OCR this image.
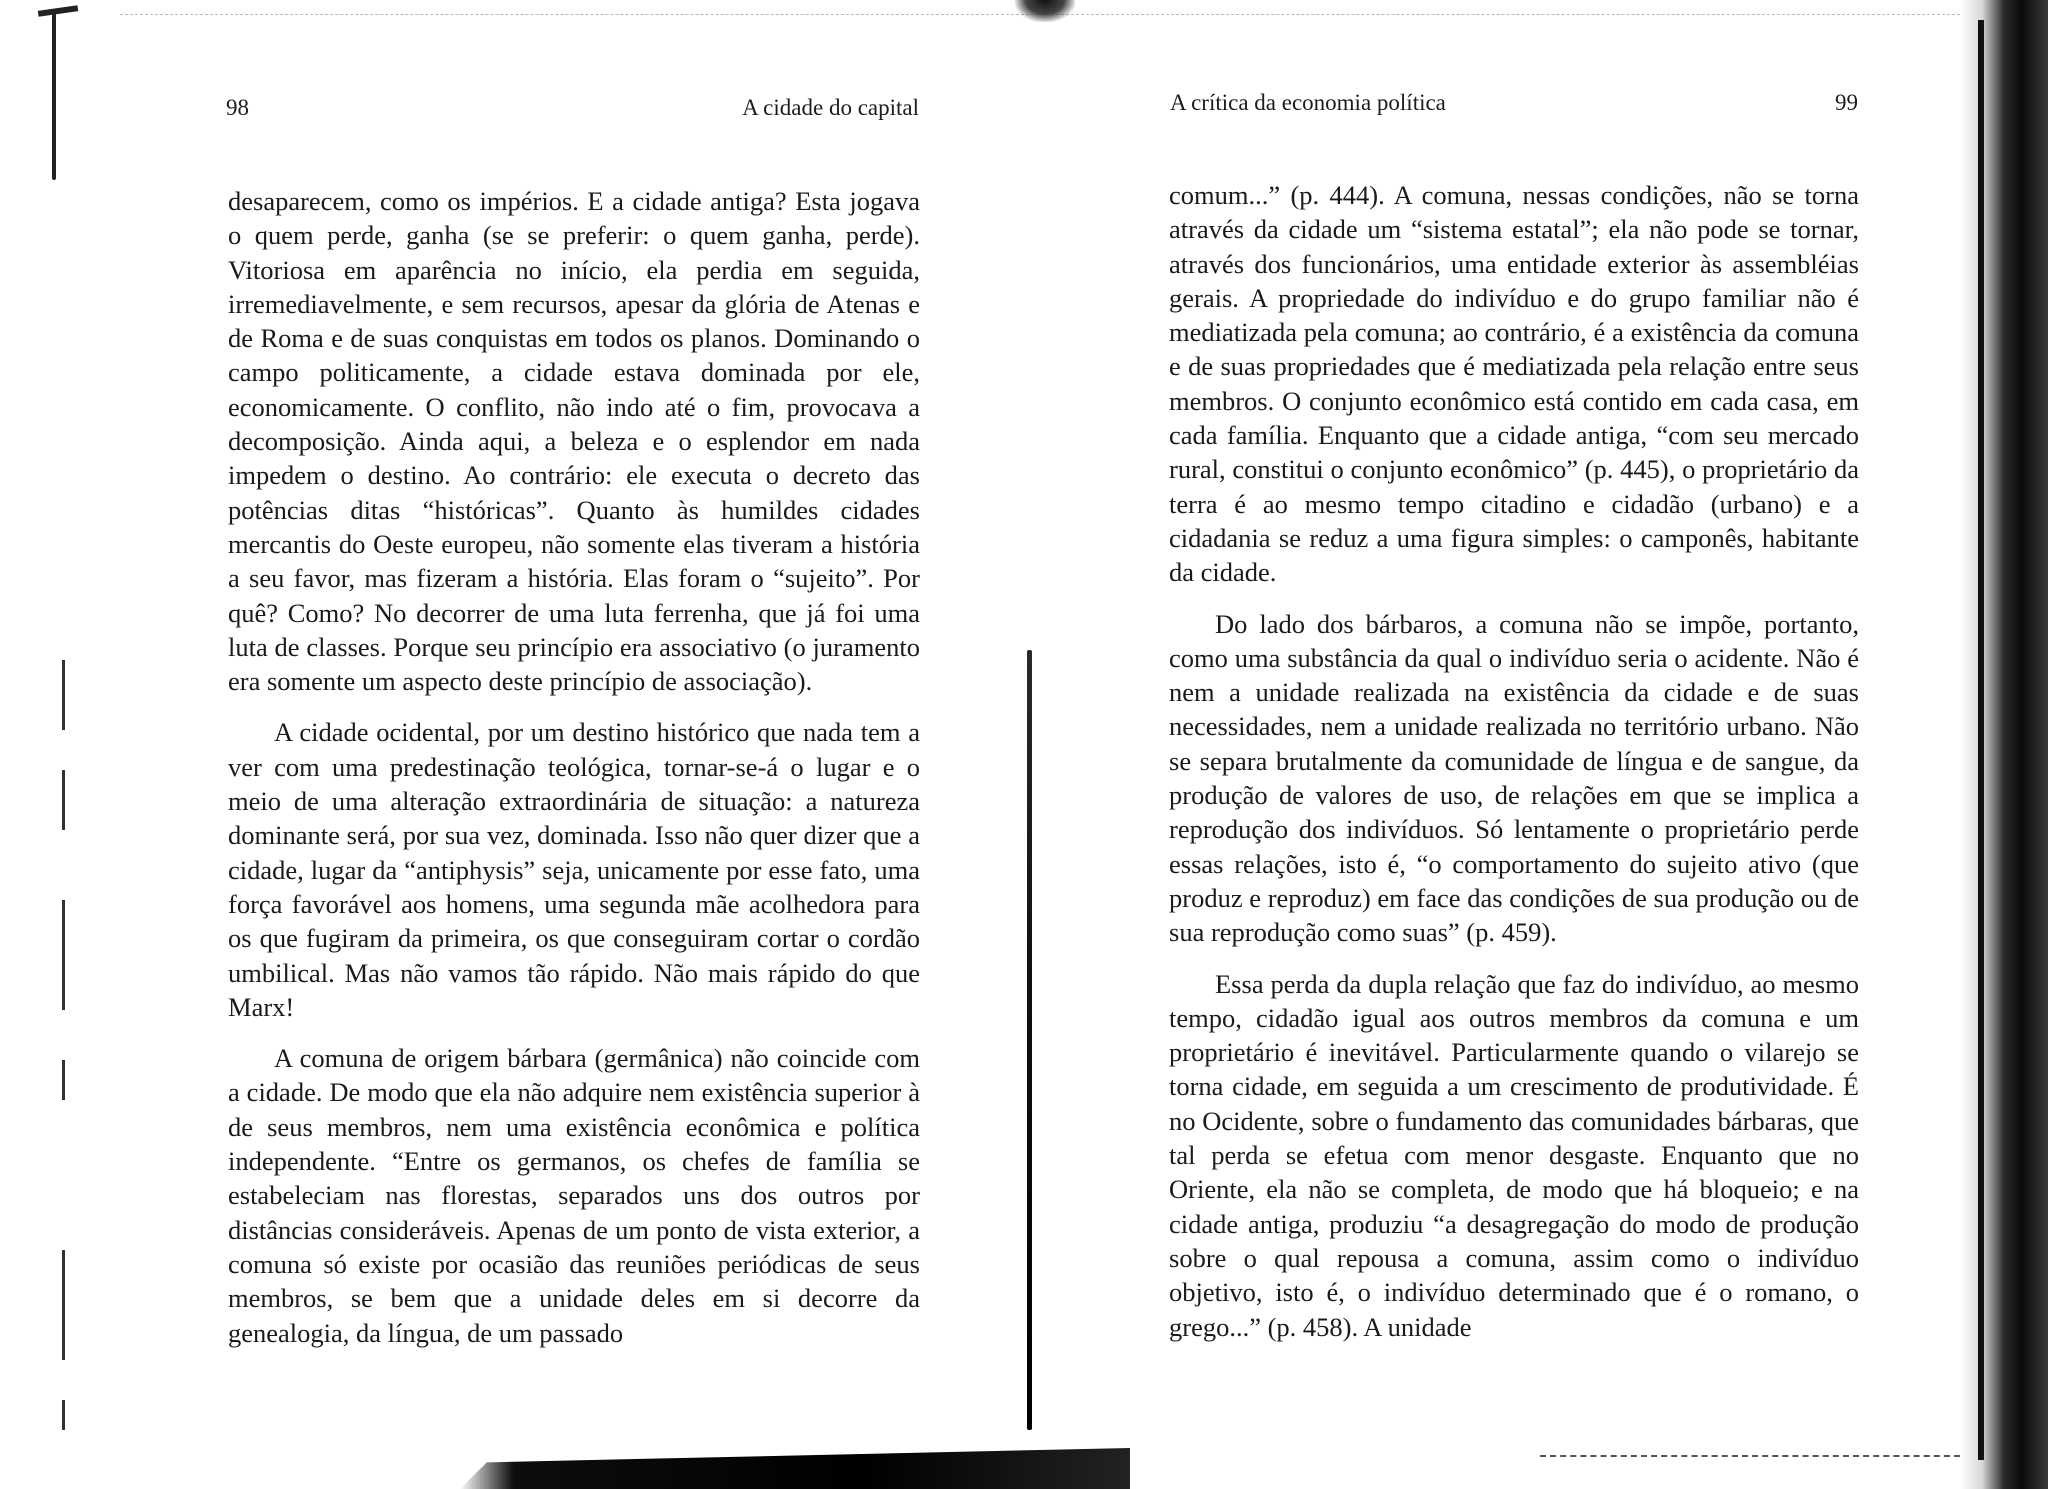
98	A cidade do capital

desaparecem, como os impérios. E a cidade antiga? Esta jogava o quem perde, ganha (se se preferir: o quem ganha, perde). Vitoriosa em aparência no início, ela perdia em seguida, irremediavelmente, e sem recursos, apesar da glória de Atenas e de Roma e de suas conquistas em todos os planos. Dominando o campo politicamente, a cidade estava dominada por ele, economicamente. O conflito, não indo até o fim, provocava a decomposição. Ainda aqui, a beleza e o esplendor em nada impedem o destino. Ao contrário: ele executa o decreto das potências ditas “históricas”. Quanto às humildes cidades mercantis do Oeste europeu, não somente elas tiveram a história a seu favor, mas fizeram a história. Elas foram o “sujeito”. Por quê? Como? No decorrer de uma luta ferrenha, que já foi uma luta de classes. Porque seu princípio era associativo (o juramento era somente um aspecto deste princípio de associação).

A cidade ocidental, por um destino histórico que nada tem a ver com uma predestinação teológica, tornar-se-á o lugar e o meio de uma alteração extraordinária de situação: a natureza dominante será, por sua vez, dominada. Isso não quer dizer que a cidade, lugar da “antiphysis” seja, unicamente por esse fato, uma força favorável aos homens, uma segunda mãe acolhedora para os que fugiram da primeira, os que conseguiram cortar o cordão umbilical. Mas não vamos tão rápido. Não mais rápido do que Marx!

A comuna de origem bárbara (germânica) não coincide com a cidade. De modo que ela não adquire nem existência superior à de seus membros, nem uma existência econômica e política independente. “Entre os germanos, os chefes de família se estabeleciam nas florestas, separados uns dos outros por distâncias consideráveis. Apenas de um ponto de vista exterior, a comuna só existe por ocasião das reuniões periódicas de seus membros, se bem que a unidade deles em si decorre da genealogia, da língua, de um passado

A crítica da economia política	99

comum...” (p. 444). A comuna, nessas condições, não se torna através da cidade um “sistema estatal”; ela não pode se tornar, através dos funcionários, uma entidade exterior às assembléias gerais. A propriedade do indivíduo e do grupo familiar não é mediatizada pela comuna; ao contrário, é a existência da comuna e de suas propriedades que é mediatizada pela relação entre seus membros. O conjunto econômico está contido em cada casa, em cada família. Enquanto que a cidade antiga, “com seu mercado rural, constitui o conjunto econômico” (p. 445), o proprietário da terra é ao mesmo tempo citadino e cidadão (urbano) e a cidadania se reduz a uma figura simples: o camponês, habitante da cidade.

Do lado dos bárbaros, a comuna não se impõe, portanto, como uma substância da qual o indivíduo seria o acidente. Não é nem a unidade realizada na existência da cidade e de suas necessidades, nem a unidade realizada no território urbano. Não se separa brutalmente da comunidade de língua e de sangue, da produção de valores de uso, de relações em que se implica a reprodução dos indivíduos. Só lentamente o proprietário perde essas relações, isto é, “o comportamento do sujeito ativo (que produz e reproduz) em face das condições de sua produção ou de sua reprodução como suas” (p. 459).

Essa perda da dupla relação que faz do indivíduo, ao mesmo tempo, cidadão igual aos outros membros da comuna e um proprietário é inevitável. Particularmente quando o vilarejo se torna cidade, em seguida a um crescimento de produtividade. É no Ocidente, sobre o fundamento das comunidades bárbaras, que tal perda se efetua com menor desgaste. Enquanto que no Oriente, ela não se completa, de modo que há bloqueio; e na cidade antiga, produziu “a desagregação do modo de produção sobre o qual repousa a comuna, assim como o indivíduo objetivo, isto é, o indivíduo determinado que é o romano, o grego...” (p. 458). A unidade
